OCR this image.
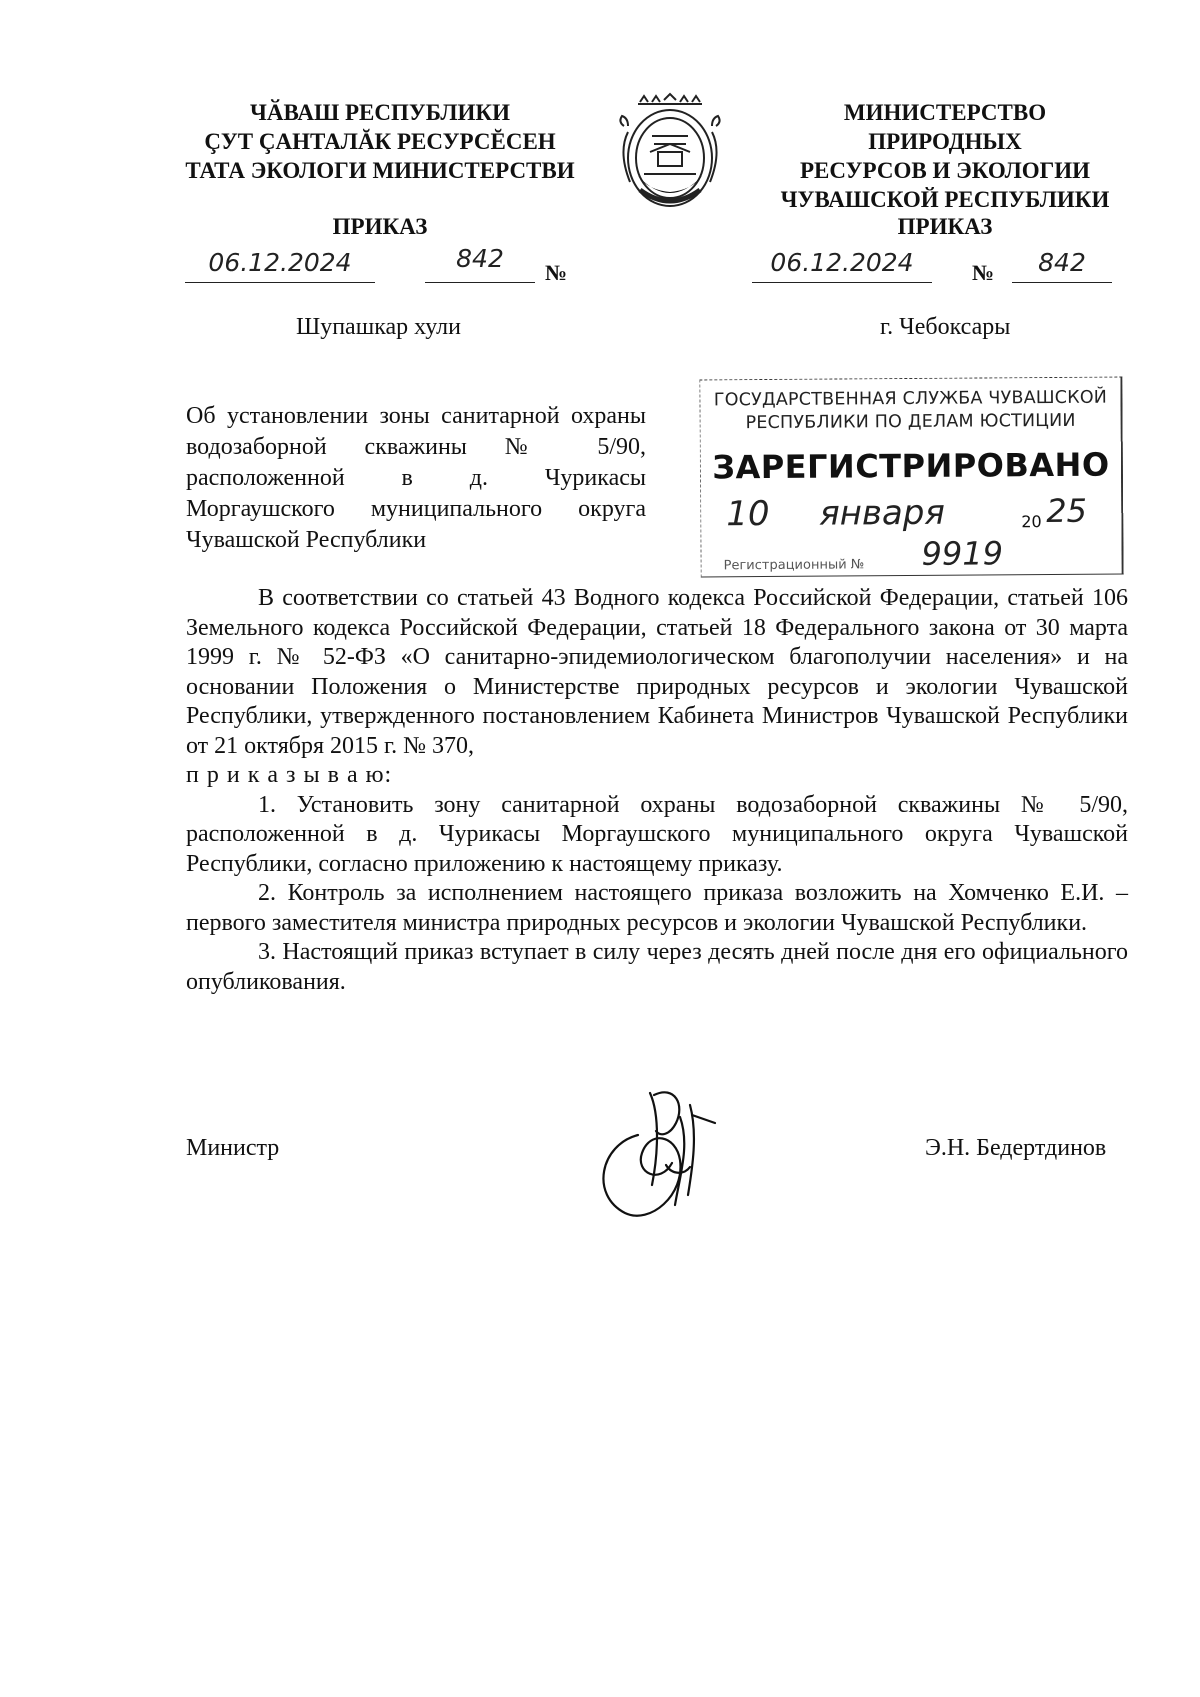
ЧӐВАШ РЕСПУБЛИКИ
ÇУТ ÇАНТАЛĂК РЕСУРСĔСЕН
ТАТА ЭКОЛОГИ МИНИСТЕРСТВИ
МИНИСТЕРСТВО ПРИРОДНЫХ
РЕСУРСОВ И ЭКОЛОГИИ
ЧУВАШСКОЙ РЕСПУБЛИКИ
ПРИКАЗ	ПРИКАЗ
06.12.2024	842	№	06.12.2024	№	842
Шупашкар хули	г. Чебоксары
Об установлении зоны санитарной охраны водозаборной скважины № 5/90, расположенной в д. Чурикасы Моргаушского муниципального округа Чувашской Республики
ГОСУДАРСТВЕННАЯ СЛУЖБА ЧУВАШСКОЙ
РЕСПУБЛИКИ ПО ДЕЛАМ ЮСТИЦИИ
ЗАРЕГИСТРИРОВАНО
10 января	20 25
Регистрационный № 9919

В соответствии со статьей 43 Водного кодекса Российской Федерации, статьей 106 Земельного кодекса Российской Федерации, статьей 18 Федерального закона от 30 марта 1999 г. № 52-ФЗ «О санитарно-эпидемиологическом благополучии населения» и на основании Положения о Министерстве природных ресурсов и экологии Чувашской Республики, утвержденного постановлением Кабинета Министров Чувашской Республики от 21 октября 2015 г. № 370,

п р и к а з ы в а ю:

1. Установить зону санитарной охраны водозаборной скважины № 5/90, расположенной в д. Чурикасы Моргаушского муниципального округа Чувашской Республики, согласно приложению к настоящему приказу.

2. Контроль за исполнением настоящего приказа возложить на Хомченко Е.И. – первого заместителя министра природных ресурсов и экологии Чувашской Республики.

3. Настоящий приказ вступает в силу через десять дней после дня его официального опубликования.

Министр	Э.Н. Бедертдинов
